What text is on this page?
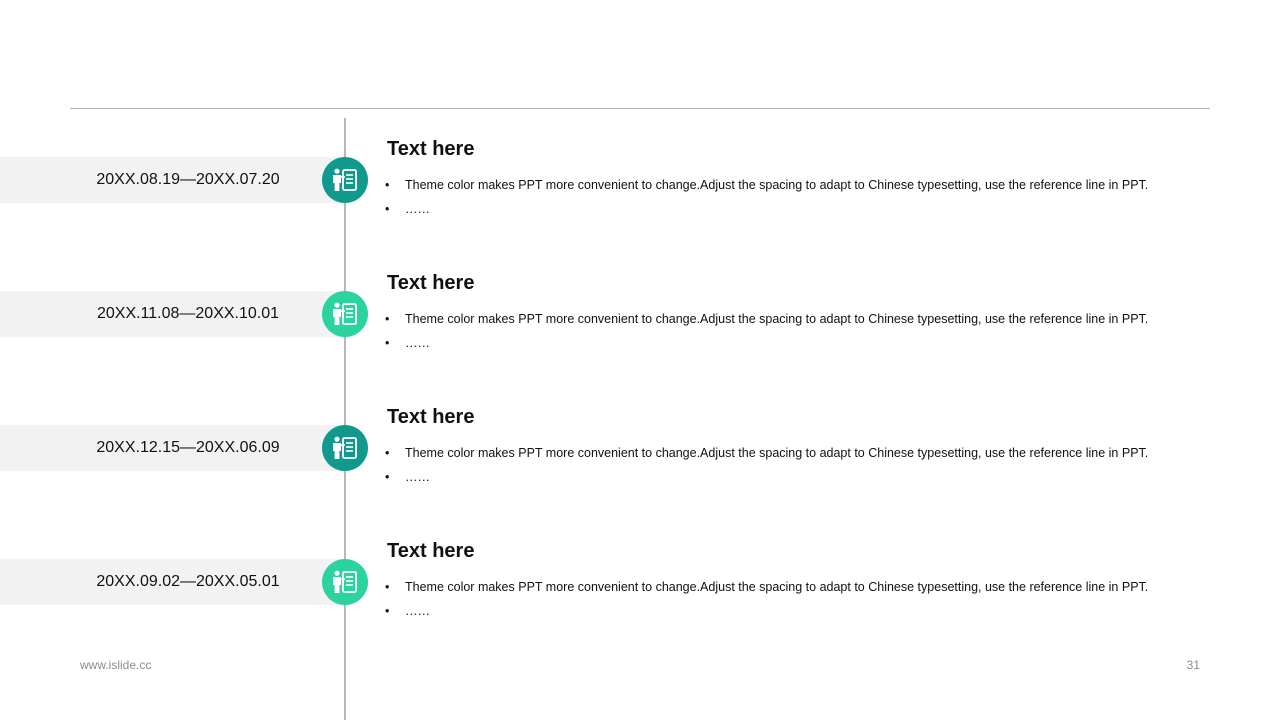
20XX.08.19—20XX.07.20
Text here
•	Theme color makes PPT more convenient to change.Adjust the spacing to adapt to Chinese typesetting, use the reference line in PPT.
•	……
20XX.11.08—20XX.10.01
Text here
•	Theme color makes PPT more convenient to change.Adjust the spacing to adapt to Chinese typesetting, use the reference line in PPT.
•	……
20XX.12.15—20XX.06.09
Text here
•	Theme color makes PPT more convenient to change.Adjust the spacing to adapt to Chinese typesetting, use the reference line in PPT.
•	……
20XX.09.02—20XX.05.01
Text here
•	Theme color makes PPT more convenient to change.Adjust the spacing to adapt to Chinese typesetting, use the reference line in PPT.
•	……
www.islide.cc	31
